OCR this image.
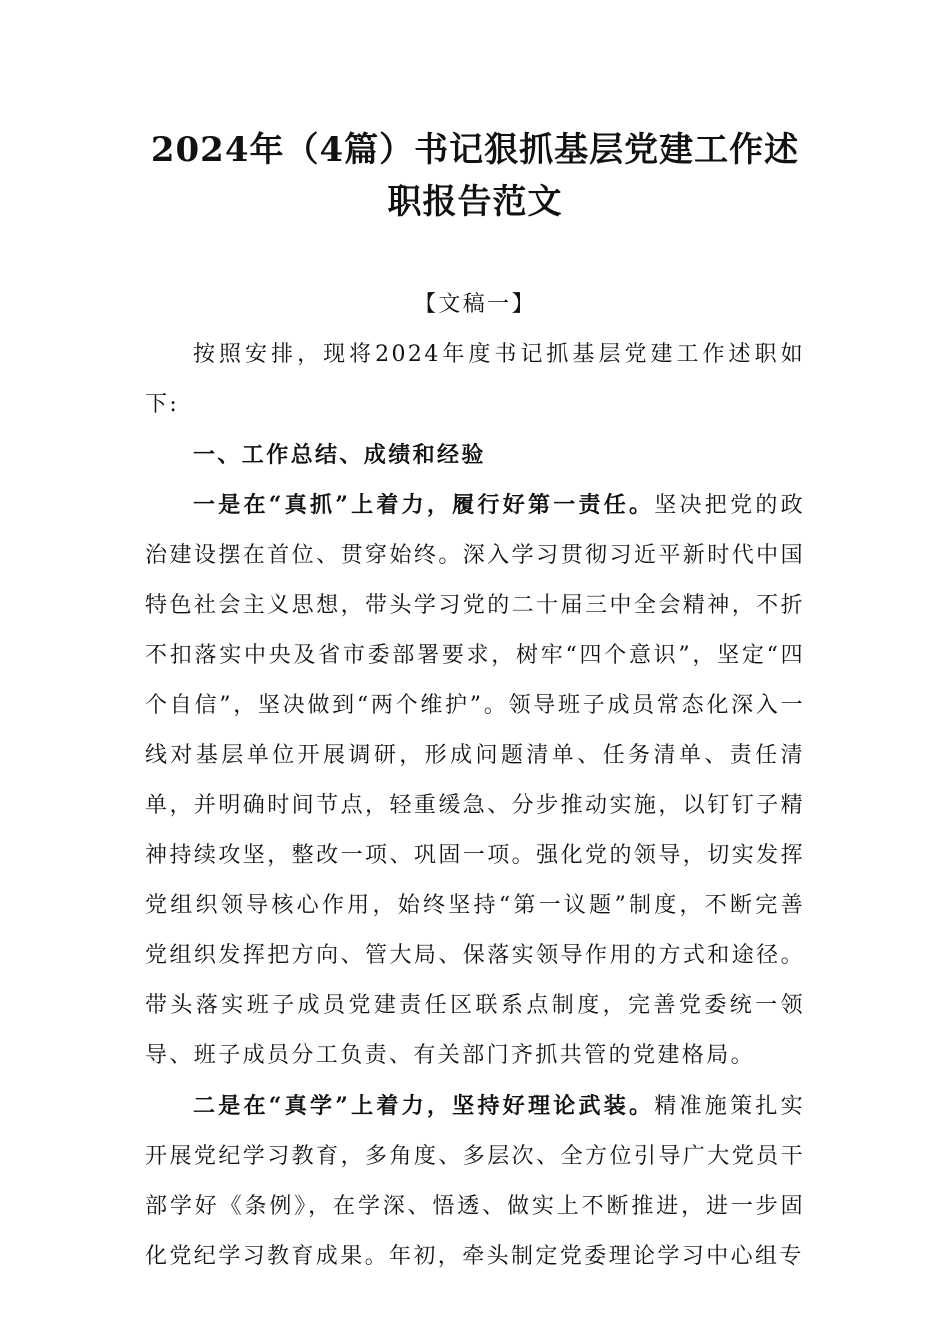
2024年（4篇）书记狠抓基层党建工作述
职报告范文

【文稿一】

按照安排，现将2024年度书记抓基层党建工作述职如下:

一、工作总结、成绩和经验

一是在“真抓”上着力，履行好第一责任。坚决把党的政治建设摆在首位、贯穿始终。深入学习贯彻习近平新时代中国特色社会主义思想，带头学习党的二十届三中全会精神，不折不扣落实中央及省市委部署要求，树牢“四个意识”，坚定“四个自信”，坚决做到“两个维护”。领导班子成员常态化深入一线对基层单位开展调研，形成问题清单、任务清单、责任清单，并明确时间节点，轻重缓急、分步推动实施，以钉钉子精神持续攻坚，整改一项、巩固一项。强化党的领导，切实发挥党组织领导核心作用，始终坚持“第一议题”制度，不断完善党组织发挥把方向、管大局、保落实领导作用的方式和途径。带头落实班子成员党建责任区联系点制度，完善党委统一领导、班子成员分工负责、有关部门齐抓共管的党建格局。

二是在“真学”上着力，坚持好理论武装。精准施策扎实开展党纪学习教育，多角度、多层次、全方位引导广大党员干部学好《条例》，在学深、悟透、做实上不断推进，进一步固化党纪学习教育成果。年初，牵头制定党委理论学习中心组专
